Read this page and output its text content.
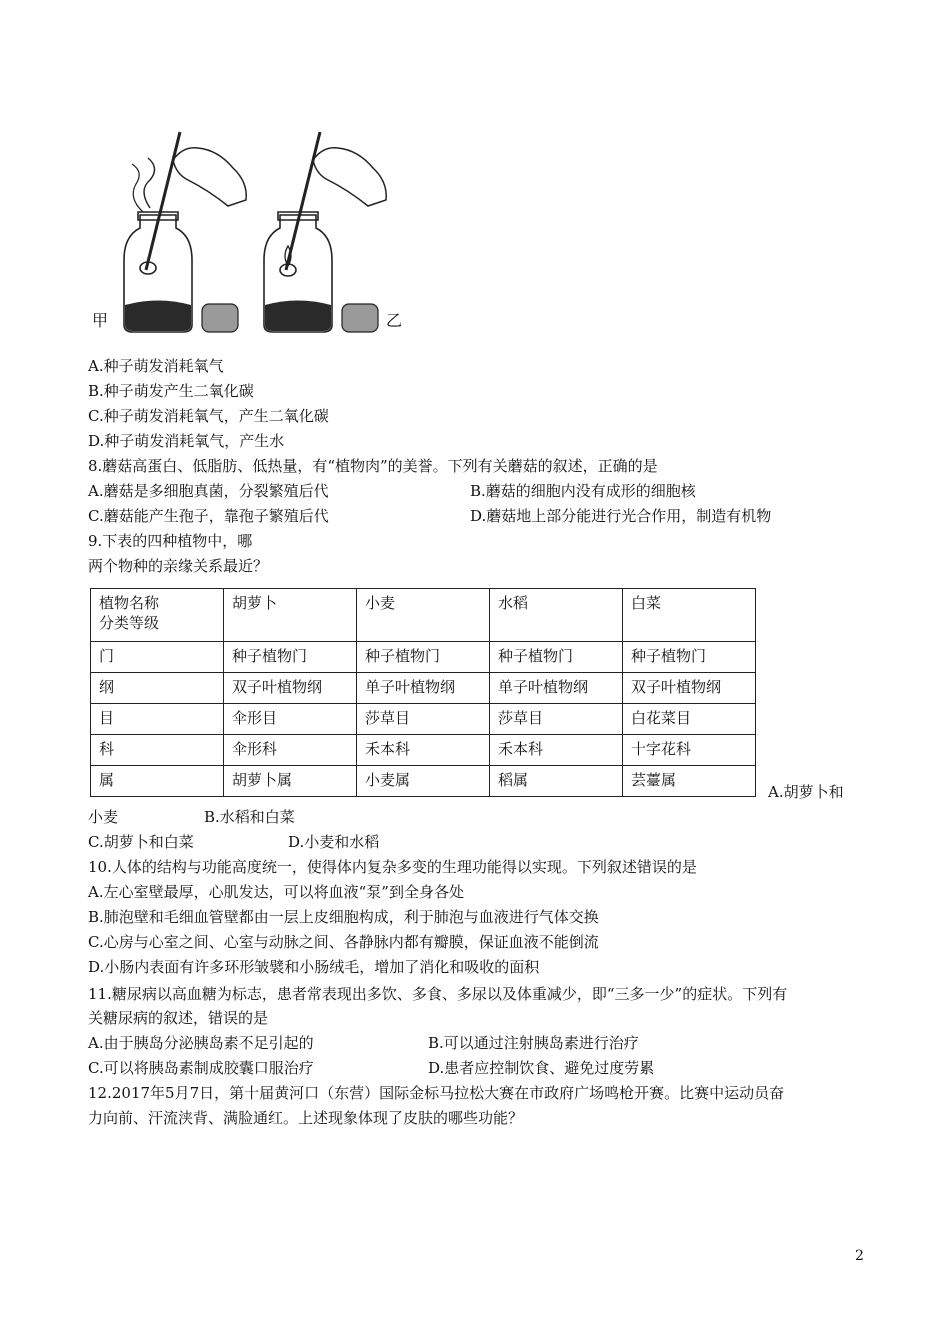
甲	乙
A.种子萌发消耗氧气
B.种子萌发产生二氧化碳
C.种子萌发消耗氧气，产生二氧化碳
D.种子萌发消耗氧气，产生水
8.蘑菇高蛋白、低脂肪、低热量，有“植物肉”的美誉。下列有关蘑菇的叙述，正确的是
A.蘑菇是多细胞真菌，分裂繁殖后代	B.蘑菇的细胞内没有成形的细胞核
C.蘑菇能产生孢子，靠孢子繁殖后代	D.蘑菇地上部分能进行光合作用，制造有机物
9.下表的四种植物中，哪
两个物种的亲缘关系最近？
植物名称
分类等级	胡萝卜	小麦	水稻	白菜
门	种子植物门	种子植物门	种子植物门	种子植物门
纲	双子叶植物纲	单子叶植物纲	单子叶植物纲	双子叶植物纲
目	伞形目	莎草目	莎草目	白花菜目
科	伞形科	禾本科	禾本科	十字花科
属	胡萝卜属	小麦属	稻属	芸薹属
A.胡萝卜和
小麦	B.水稻和白菜
C.胡萝卜和白菜	D.小麦和水稻
10.人体的结构与功能高度统一，使得体内复杂多变的生理功能得以实现。下列叙述错误的是
A.左心室壁最厚，心肌发达，可以将血液“泵”到全身各处
B.肺泡壁和毛细血管壁都由一层上皮细胞构成，利于肺泡与血液进行气体交换
C.心房与心室之间、心室与动脉之间、各静脉内都有瓣膜，保证血液不能倒流
D.小肠内表面有许多环形皱襞和小肠绒毛，增加了消化和吸收的面积
11.糖尿病以高血糖为标志，患者常表现出多饮、多食、多尿以及体重减少，即“三多一少”的症状。下列有
关糖尿病的叙述，错误的是
A.由于胰岛分泌胰岛素不足引起的	B.可以通过注射胰岛素进行治疗
C.可以将胰岛素制成胶囊口服治疗	D.患者应控制饮食、避免过度劳累
12.2017年5月7日，第十届黄河口（东营）国际金标马拉松大赛在市政府广场鸣枪开赛。比赛中运动员奋
力向前、汗流浃背、满脸通红。上述现象体现了皮肤的哪些功能？
2
